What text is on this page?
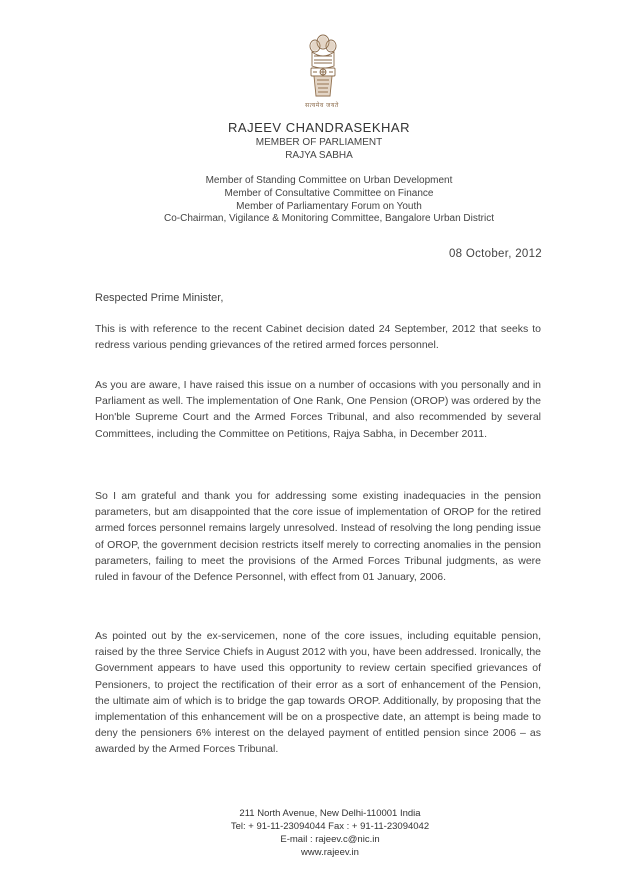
सत्यमेव जयते
RAJEEV CHANDRASEKHAR
MEMBER OF PARLIAMENT
RAJYA SABHA
Member of Standing Committee on Urban Development
Member of Consultative Committee on Finance
Member of Parliamentary Forum on Youth
Co-Chairman, Vigilance & Monitoring Committee, Bangalore Urban District
08 October, 2012
Respected Prime Minister,

This is with reference to the recent Cabinet decision dated 24 September, 2012 that seeks to redress various pending grievances of the retired armed forces personnel.

As you are aware, I have raised this issue on a number of occasions with you personally and in Parliament as well. The implementation of One Rank, One Pension (OROP) was ordered by the Hon'ble Supreme Court and the Armed Forces Tribunal, and also recommended by several Committees, including the Committee on Petitions, Rajya Sabha, in December 2011.

So I am grateful and thank you for addressing some existing inadequacies in the pension parameters, but am disappointed that the core issue of implementation of OROP for the retired armed forces personnel remains largely unresolved. Instead of resolving the long pending issue of OROP, the government decision restricts itself merely to correcting anomalies in the pension parameters, failing to meet the provisions of the Armed Forces Tribunal judgments, as were ruled in favour of the Defence Personnel, with effect from 01 January, 2006.

As pointed out by the ex-servicemen, none of the core issues, including equitable pension, raised by the three Service Chiefs in August 2012 with you, have been addressed. Ironically, the Government appears to have used this opportunity to review certain specified grievances of Pensioners, to project the rectification of their error as a sort of enhancement of the Pension, the ultimate aim of which is to bridge the gap towards OROP. Additionally, by proposing that the implementation of this enhancement will be on a prospective date, an attempt is being made to deny the pensioners 6% interest on the delayed payment of entitled pension since 2006 – as awarded by the Armed Forces Tribunal.

211 North Avenue, New Delhi-110001 India
Tel: + 91-11-23094044 Fax : + 91-11-23094042
E-mail : rajeev.c@nic.in
www.rajeev.in
